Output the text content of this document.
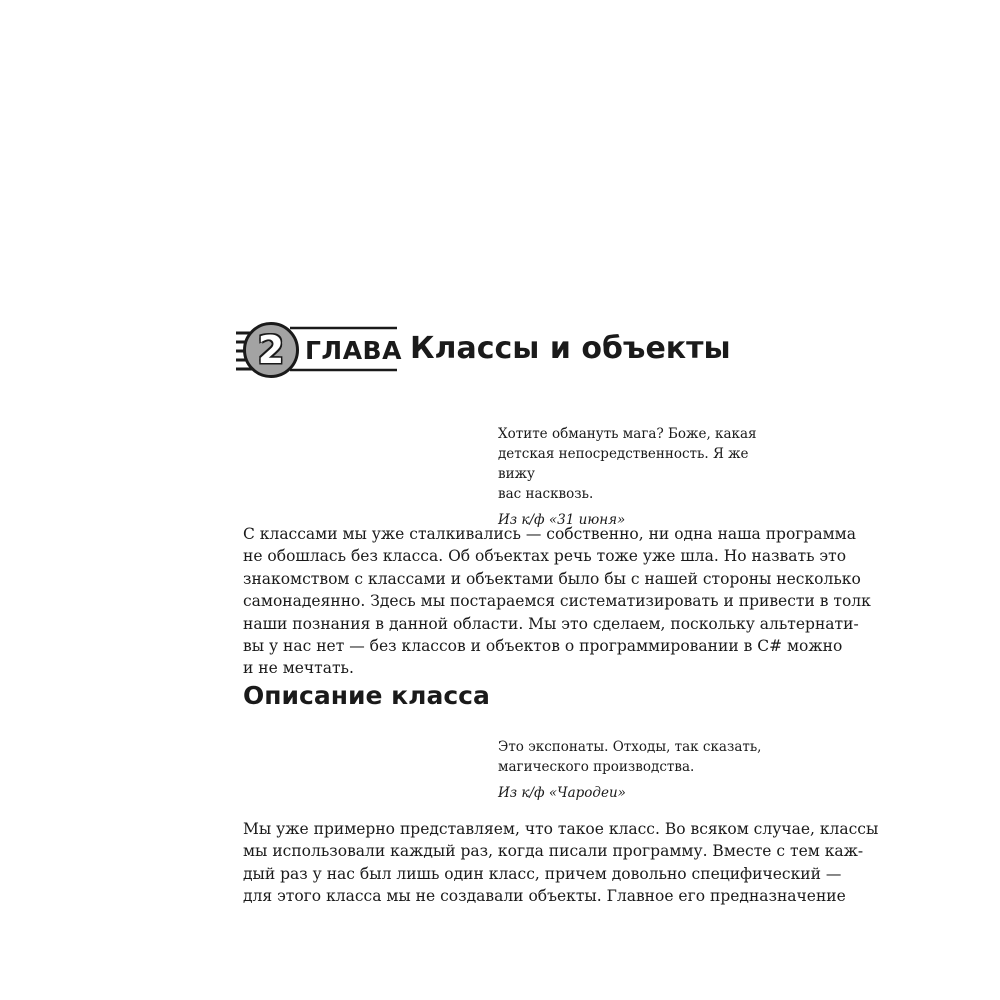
2 ГЛАВА Классы и объекты

Хотите обмануть мага? Боже, какая
детская непосредственность. Я же вижу
вас насквозь.

Из к/ф «31 июня»

С классами мы уже сталкивались — собственно, ни одна наша программа
не обошлась без класса. Об объектах речь тоже уже шла. Но назвать это
знакомством с классами и объектами было бы с нашей стороны несколько
самонадеянно. Здесь мы постараемся систематизировать и привести в толк
наши познания в данной области. Мы это сделаем, поскольку альтернати-
вы у нас нет — без классов и объектов о программировании в C# можно
и не мечтать.

Описание класса

Это экспонаты. Отходы, так сказать,
магического производства.

Из к/ф «Чародеи»

Мы уже примерно представляем, что такое класс. Во всяком случае, классы
мы использовали каждый раз, когда писали программу. Вместе с тем каж-
дый раз у нас был лишь один класс, причем довольно специфический —
для этого класса мы не создавали объекты. Главное его предназначение
